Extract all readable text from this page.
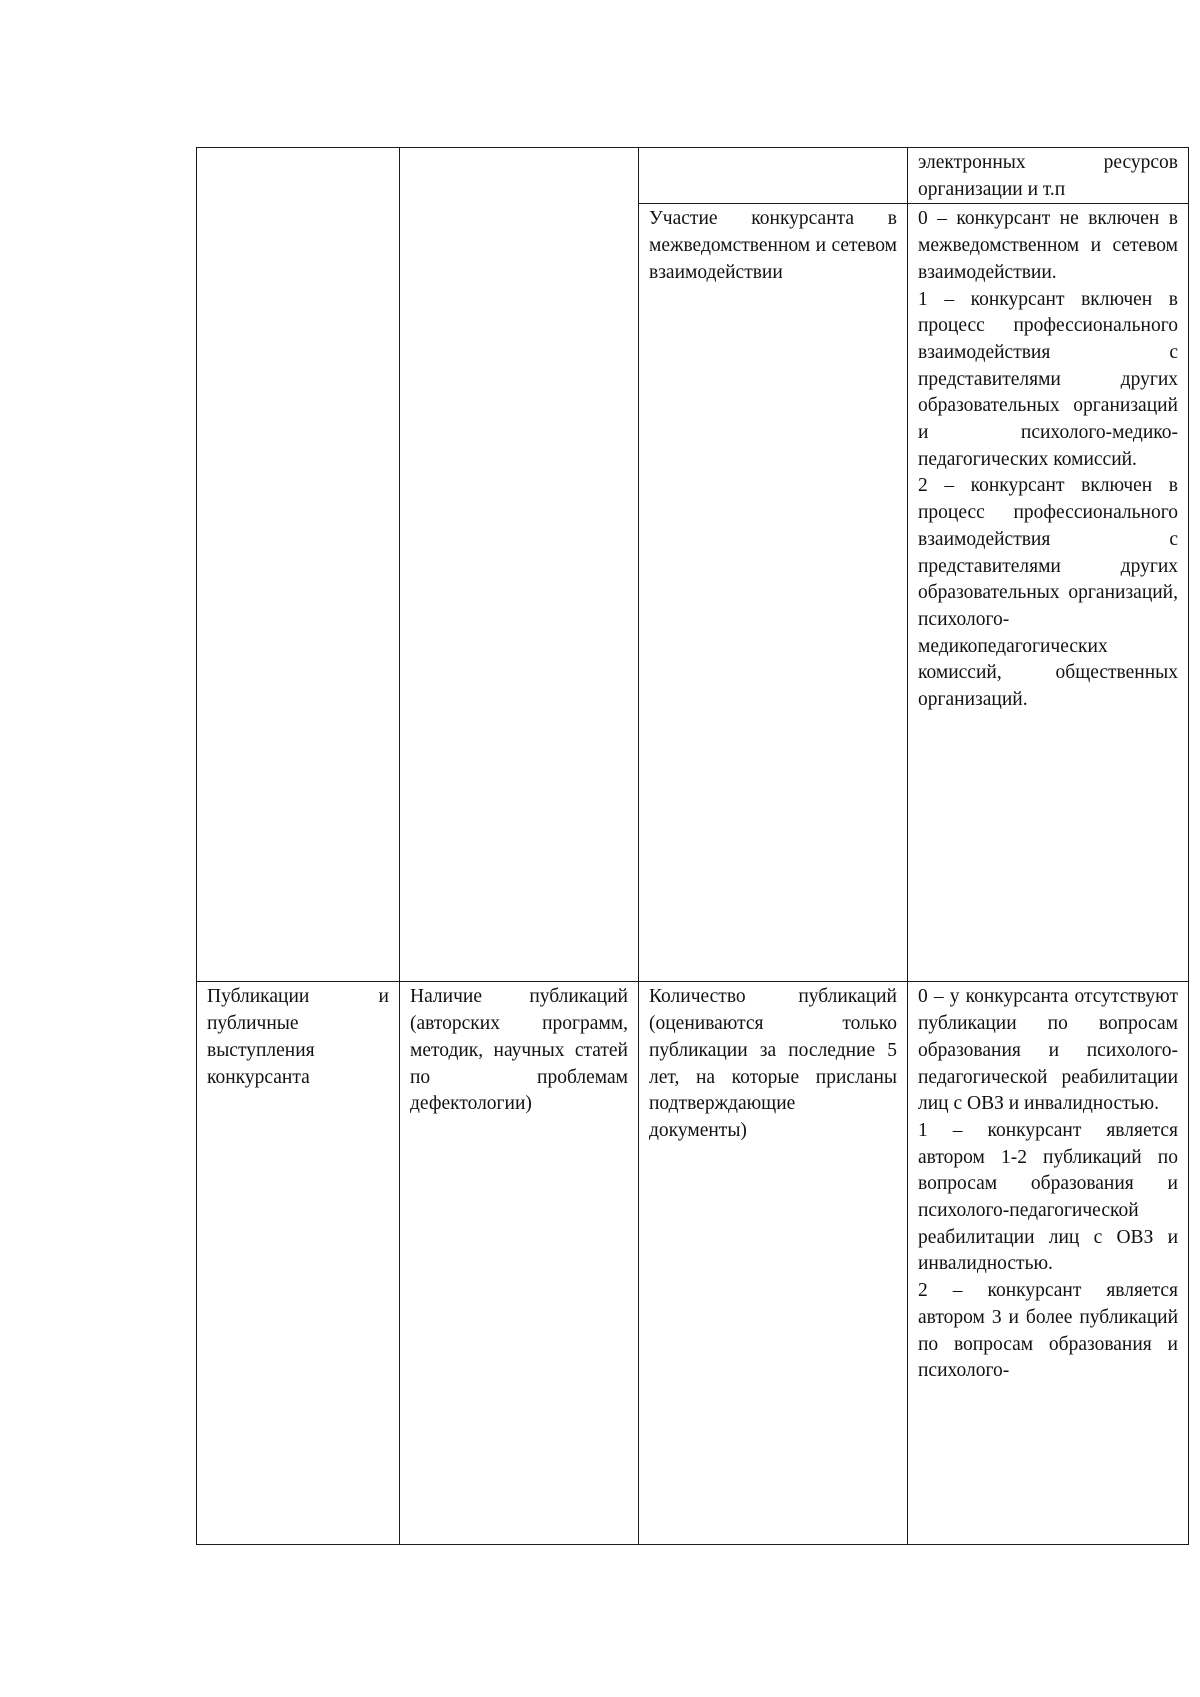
			электронных ресурсов организации и т.п

		Участие конкурсанта в межведомственном и сетевом взаимодействии	0 – конкурсант не включен в межведомственном и сетевом взаимодействии.

1 – конкурсант включен в процесс профессионального взаимодействия с представителями других образовательных организаций и психолого-медико-педагогических комиссий.

2 – конкурсант включен в процесс профессионального взаимодействия с представителями других образовательных организаций, психолого-медикопедагогических комиссий, общественных организаций.

Публикации и публичные выступления конкурсанта	Наличие публикаций (авторских программ, методик, научных статей по проблемам дефектологии)	Количество публикаций (оцениваются только публикации за последние 5 лет, на которые присланы подтверждающие документы)	0 – у конкурсанта отсутствуют публикации по вопросам образования и психолого-педагогической реабилитации лиц с ОВЗ и инвалидностью.

1 – конкурсант является автором 1-2 публикаций по вопросам образования и психолого-педагогической реабилитации лиц с ОВЗ и инвалидностью.

2 – конкурсант является автором 3 и более публикаций по вопросам образования и психолого-
